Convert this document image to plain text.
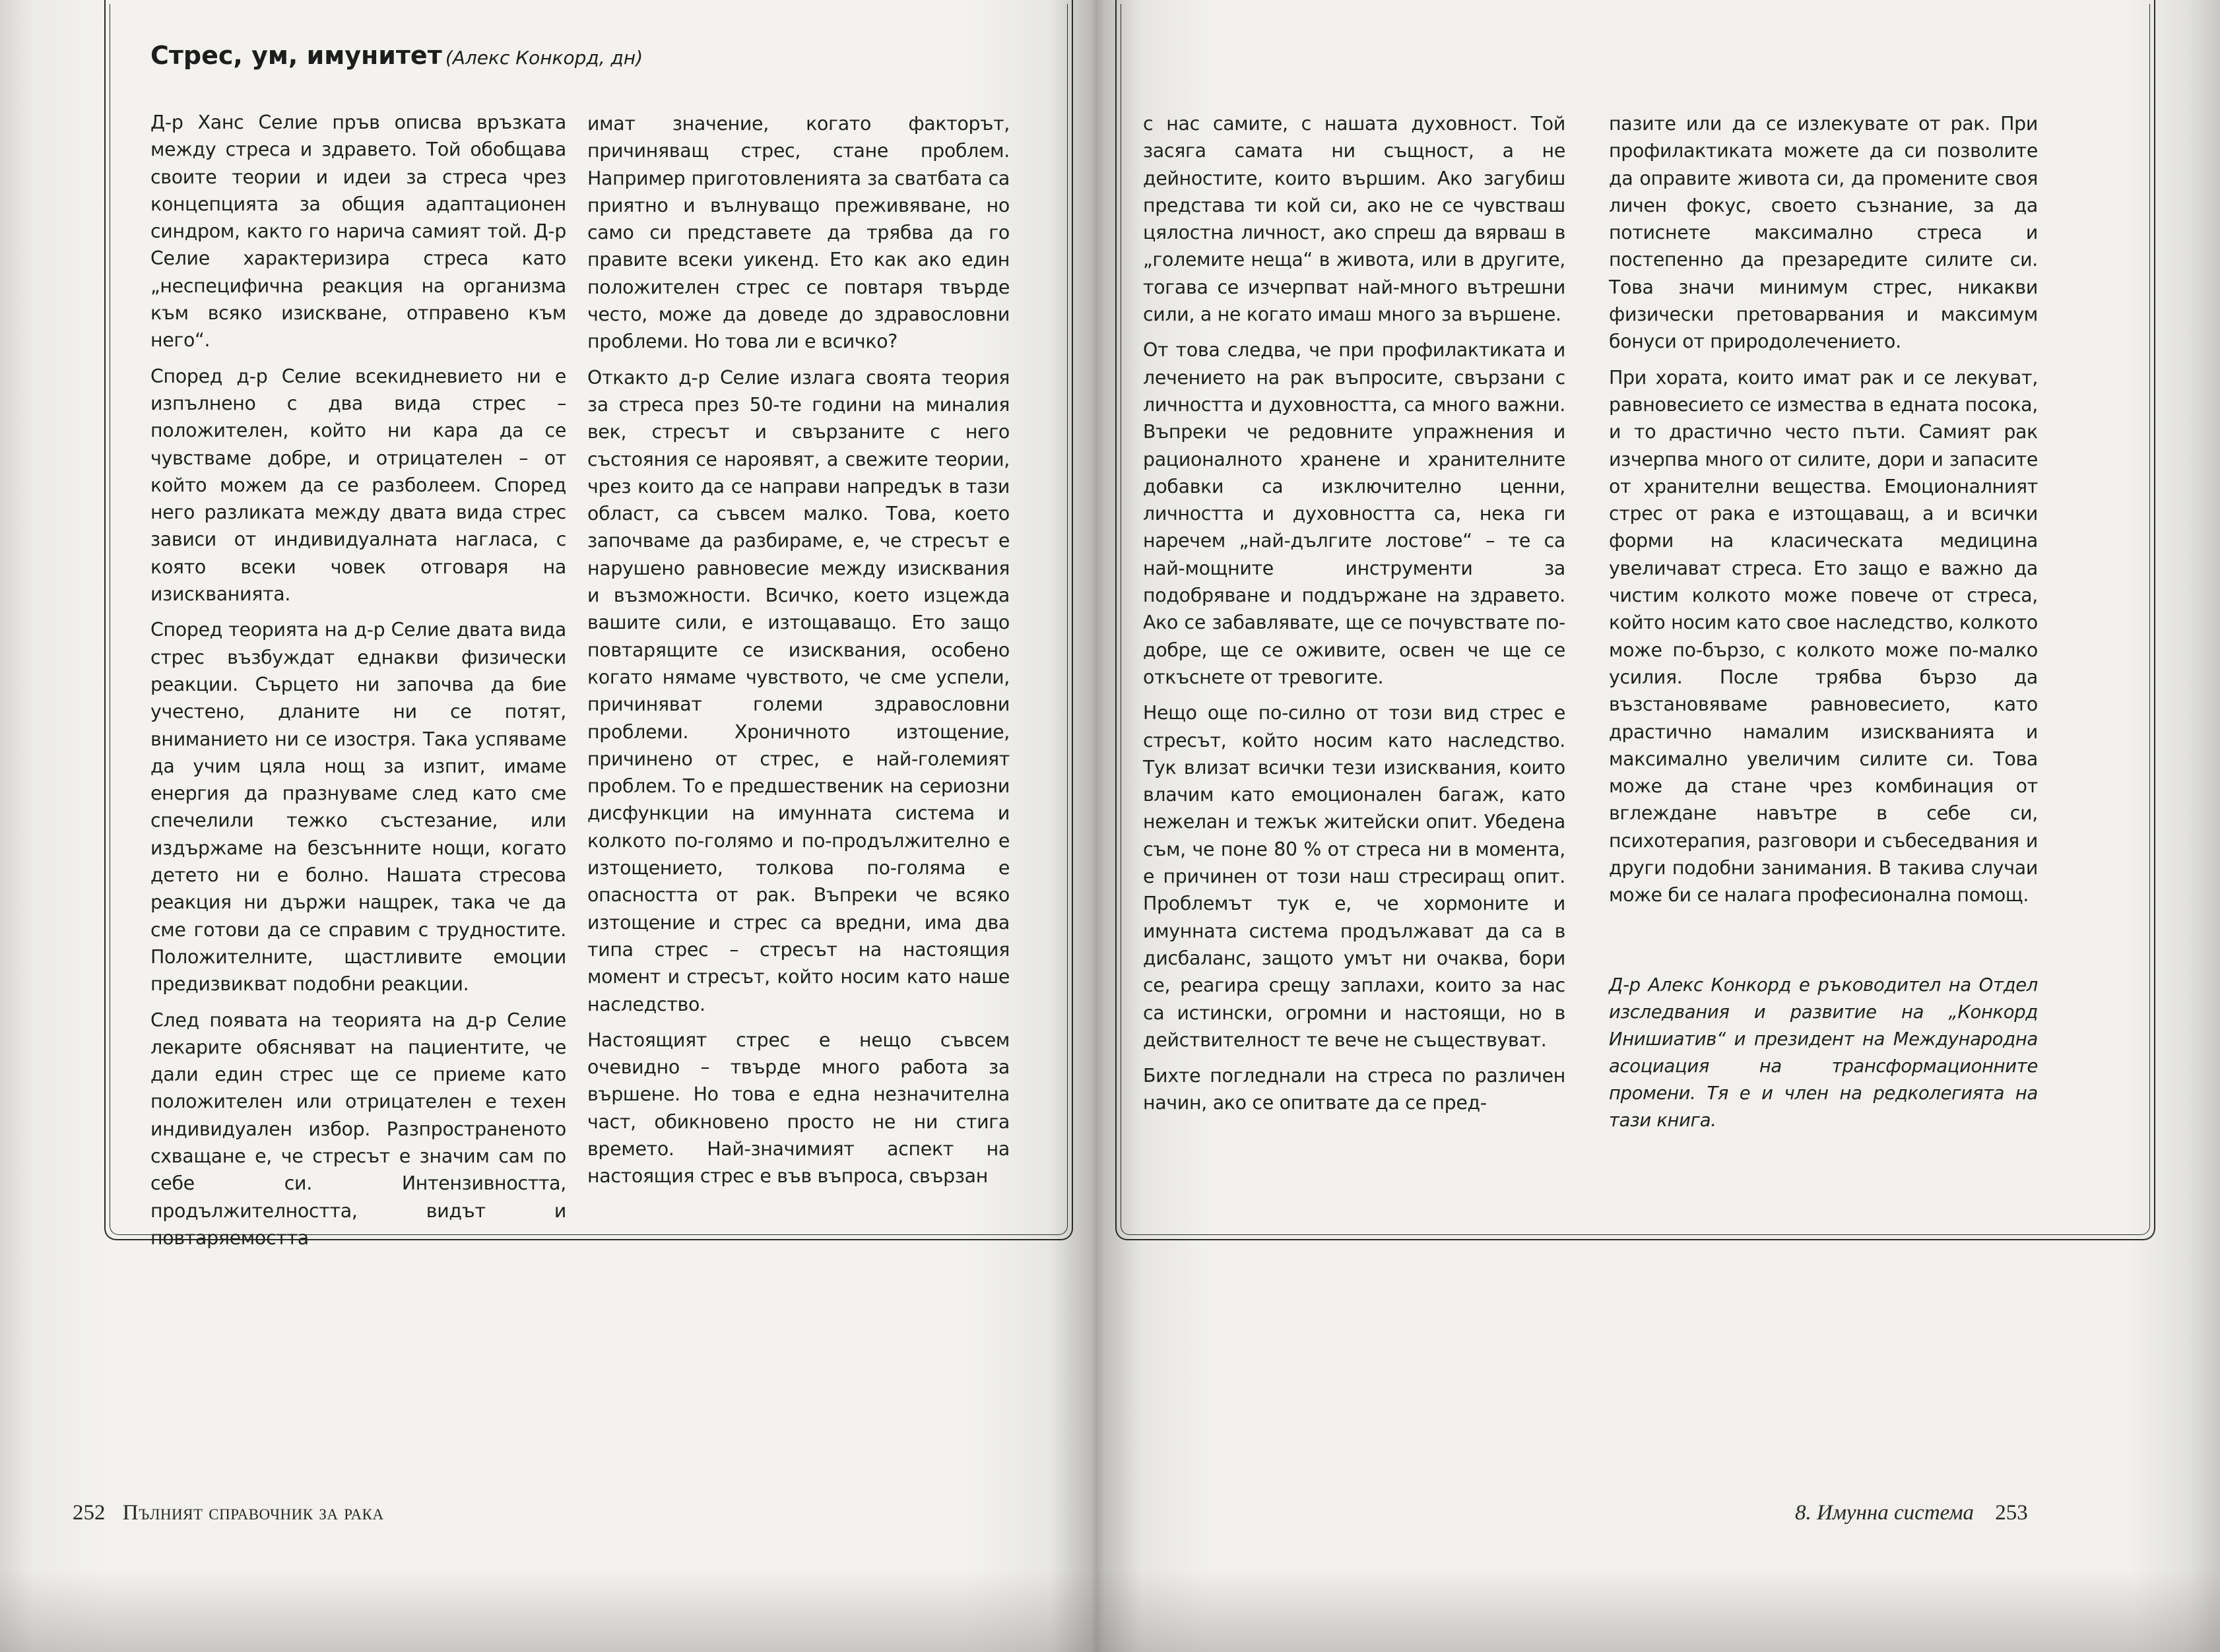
Стрес, ум, имунитет (Алекс Конкорд, дн)

Д-р Ханс Селие пръв описва връзката между стреса и здравето. Той обобщава своите теории и идеи за стреса чрез концепцията за общия адаптационен синдром, както го нарича самият той. Д-р Селие характеризира стреса като „неспецифична реакция на организма към всяко изискване, отправено към него“.

Според д-р Селие всекидневието ни е изпълнено с два вида стрес – положителен, който ни кара да се чувстваме добре, и отрицателен – от който можем да се разболеем. Според него разликата между двата вида стрес зависи от индивидуалната нагласа, с която всеки човек отговаря на изискванията.

Според теорията на д-р Селие двата вида стрес възбуждат еднакви физически реакции. Сърцето ни започва да бие учестено, дланите ни се потят, вниманието ни се изостря. Така успяваме да учим цяла нощ за изпит, имаме енергия да празнуваме след като сме спечелили тежко състезание, или издържаме на безсънните нощи, когато детето ни е болно. Нашата стресова реакция ни държи нащрек, така че да сме готови да се справим с трудностите. Положителните, щастливите емоции предизвикват подобни реакции.

След появата на теорията на д-р Селие лекарите обясняват на пациентите, че дали един стрес ще се приеме като положителен или отрицателен е техен индивидуален избор. Разпространеното схващане е, че стресът е значим сам по себе си. Интензивността, продължителността, видът и повтаряемостта

имат значение, когато факторът, причиняващ стрес, стане проблем. Например приготовленията за сватбата са приятно и вълнуващо преживяване, но само си представете да трябва да го правите всеки уикенд. Ето как ако един положителен стрес се повтаря твърде често, може да доведе до здравословни проблеми. Но това ли е всичко?

Откакто д-р Селие излага своята теория за стреса през 50-те години на миналия век, стресът и свързаните с него състояния се нароявят, а свежите теории, чрез които да се направи напредък в тази област, са съвсем малко. Това, което започваме да разбираме, е, че стресът е нарушено равновесие между изисквания и възможности. Всичко, което изцежда вашите сили, е изтощаващо. Ето защо повтарящите се изисквания, особено когато нямаме чувството, че сме успели, причиняват големи здравословни проблеми. Хроничното изтощение, причинено от стрес, е най-големият проблем. То е предшественик на сериозни дисфункции на имунната система и колкото по-голямо и по-продължително е изтощението, толкова по-голяма е опасността от рак. Въпреки че всяко изтощение и стрес са вредни, има два типа стрес – стресът на настоящия момент и стресът, който носим като наше наследство.

Настоящият стрес е нещо съвсем очевидно – твърде много работа за вършене. Но това е една незначителна част, обикновено просто не ни стига времето. Най-значимият аспект на настоящия стрес е във въпроса, свързан

252 Пълният справочник за рака

с нас самите, с нашата духовност. Той засяга самата ни същност, а не дейностите, които вършим. Ако загубиш представа ти кой си, ако не се чувстваш цялостна личност, ако спреш да вярваш в „големите неща“ в живота, или в другите, тогава се изчерпват най-много вътрешни сили, а не когато имаш много за вършене.

От това следва, че при профилактиката и лечението на рак въпросите, свързани с личността и духовността, са много важни. Въпреки че редовните упражнения и рационалното хранене и хранителните добавки са изключително ценни, личността и духовността са, нека ги наречем „най-дългите лостове“ – те са най-мощните инструменти за подобряване и поддържане на здравето. Ако се забавлявате, ще се почувствате по-добре, ще се оживите, освен че ще се откъснете от тревогите.

Нещо още по-силно от този вид стрес е стресът, който носим като наследство. Тук влизат всички тези изисквания, които влачим като емоционален багаж, като нежелан и тежък житейски опит. Убедена съм, че поне 80 % от стреса ни в момента, е причинен от този наш стресиращ опит. Проблемът тук е, че хормоните и имунната система продължават да са в дисбаланс, защото умът ни очаква, бори се, реагира срещу заплахи, които за нас са истински, огромни и настоящи, но в действителност те вече не съществуват.

Бихте погледнали на стреса по различен начин, ако се опитвате да се пред-

пазите или да се излекувате от рак. При профилактиката можете да си позволите да оправите живота си, да промените своя личен фокус, своето съзнание, за да потиснете максимално стреса и постепенно да презаредите силите си. Това значи минимум стрес, никакви физически претоварвания и максимум бонуси от природолечението.

При хората, които имат рак и се лекуват, равновесието се измества в едната посока, и то драстично често пъти. Самият рак изчерпва много от силите, дори и запасите от хранителни вещества. Емоционалният стрес от рака е изтощаващ, а и всички форми на класическата медицина увеличават стреса. Ето защо е важно да чистим колкото може повече от стреса, който носим като свое наследство, колкото може по-бързо, с колкото може по-малко усилия. После трябва бързо да възстановяваме равновесието, като драстично намалим изискванията и максимално увеличим силите си. Това може да стане чрез комбинация от вглеждане навътре в себе си, психотерапия, разговори и събеседвания и други подобни занимания. В такива случаи може би се налага професионална помощ.

Д-р Алекс Конкорд е ръководител на Отдел изследвания и развитие на „Конкорд Инишиатив“ и президент на Международна асоциация на трансформационните промени. Тя е и член на редколегията на тази книга.

8. Имунна система 253
